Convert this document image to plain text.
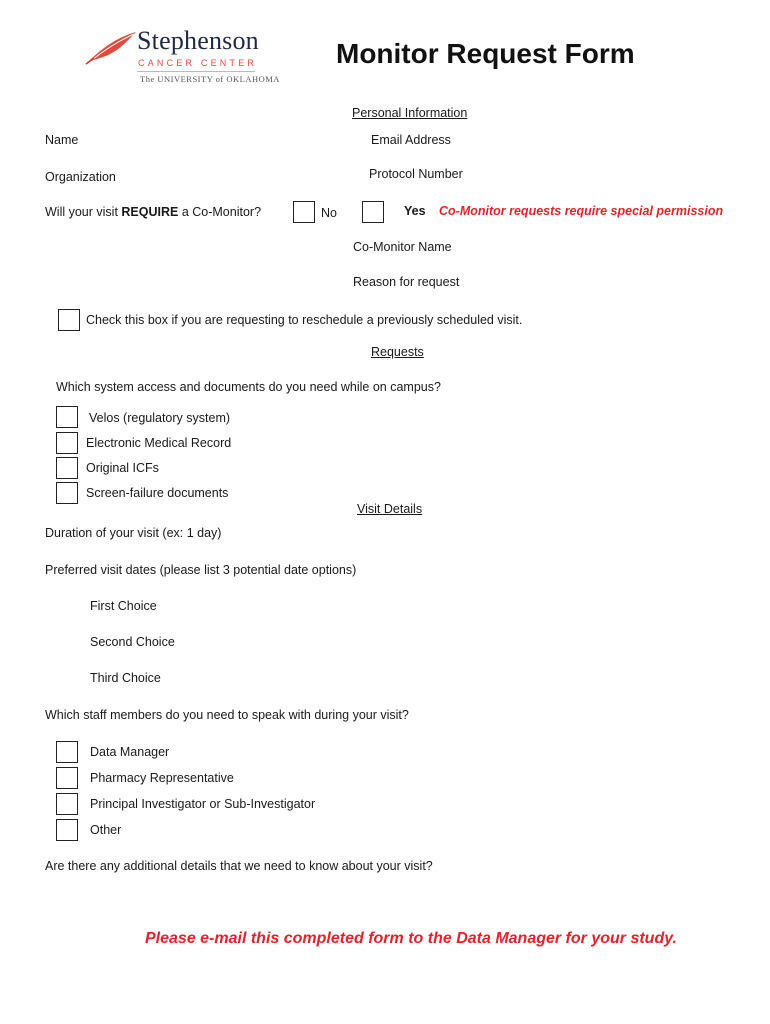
Stephenson
CANCER CENTER
The UNIVERSITY of OKLAHOMA
Monitor Request Form
Personal Information
Name	Email Address
Organization	Protocol Number
Will your visit REQUIRE a Co-Monitor?	No	Yes Co-Monitor requests require special permission
Co-Monitor Name
Reason for request
Check this box if you are requesting to reschedule a previously scheduled visit.
Requests
Which system access and documents do you need while on campus?
Velos (regulatory system)
Electronic Medical Record
Original ICFs
Screen-failure documents
Visit Details
Duration of your visit (ex: 1 day)
Preferred visit dates (please list 3 potential date options)
First Choice
Second Choice
Third Choice
Which staff members do you need to speak with during your visit?
Data Manager
Pharmacy Representative
Principal Investigator or Sub-Investigator
Other
Are there any additional details that we need to know about your visit?
Please e-mail this completed form to the Data Manager for your study.
